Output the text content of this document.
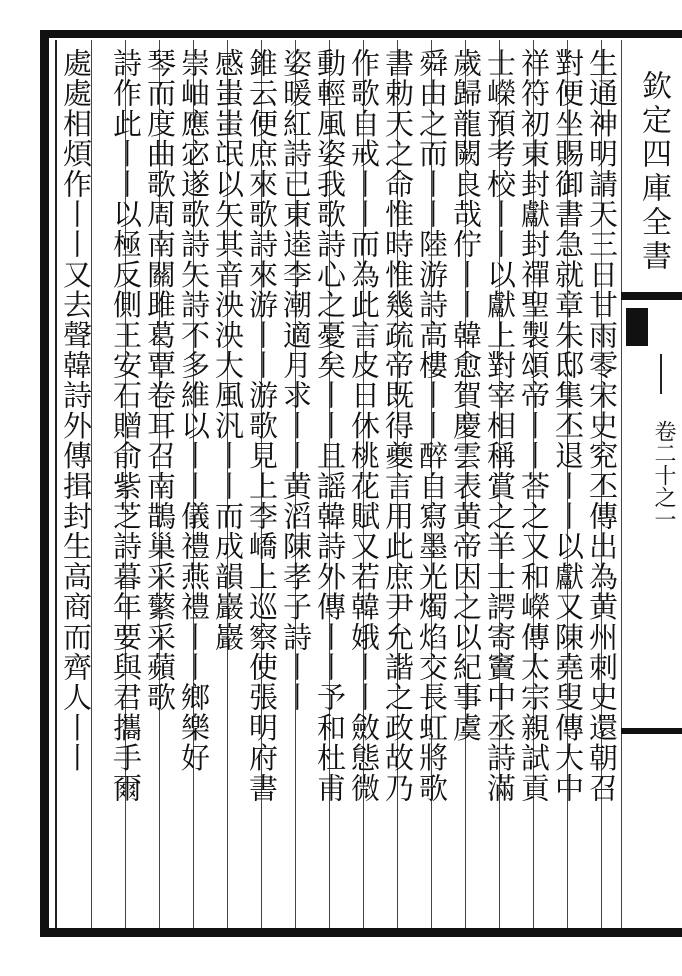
生通神明請天三日甘雨零宋史䆓丕傳出為黄州刺史還朝召
對便坐賜御書急就章朱邸集丕退丨丨以獻又陳堯叟傳大中
祥符初東封獻封禪聖製頌帝丨丨荅之又和嶸傳太宗親試貢
士嶸預考校丨丨以獻上對宰相稱賞之羊士諤寄竇中丞詩滿
歲歸龍闕良哉佇丨丨韓愈賀慶雲表黄帝因之以紀事虞
舜由之而丨丨陸游詩高樓丨丨醉自寫墨光燭焰交長虹將歌
書勅天之命惟時惟幾疏帝既得夔言用此庶尹允諧之政故乃
作歌自戒丨丨而為此言皮日休桃花賦又若韓娥丨丨斂態微
動輕風姿我歌詩心之憂矣丨丨且謡韓詩外傳丨丨予和杜甫
姿暖紅詩已東逵李潮適月求丨丨黄滔陳孝子詩丨丨
錐云便庶來歌詩來游丨丨游歌見上李嶠上巡察使張明府書
感蚩蚩氓以矢其音泱泱大風汎丨丨而成韻巖巖
崇岫應宓遂歌詩矢詩不多維以丨丨儀禮燕禮丨丨鄉樂好
琴而度曲歌周南關雎葛覃卷耳召南鵲巢采蘩采蘋歌
詩作此丨丨以極反側王安石贈俞紫芝詩暮年要與君攜手爾
處處相煩作丨丨又去聲韓詩外傳揖封生高商而齊人丨丨	欽定四庫全書
卷二十之一
